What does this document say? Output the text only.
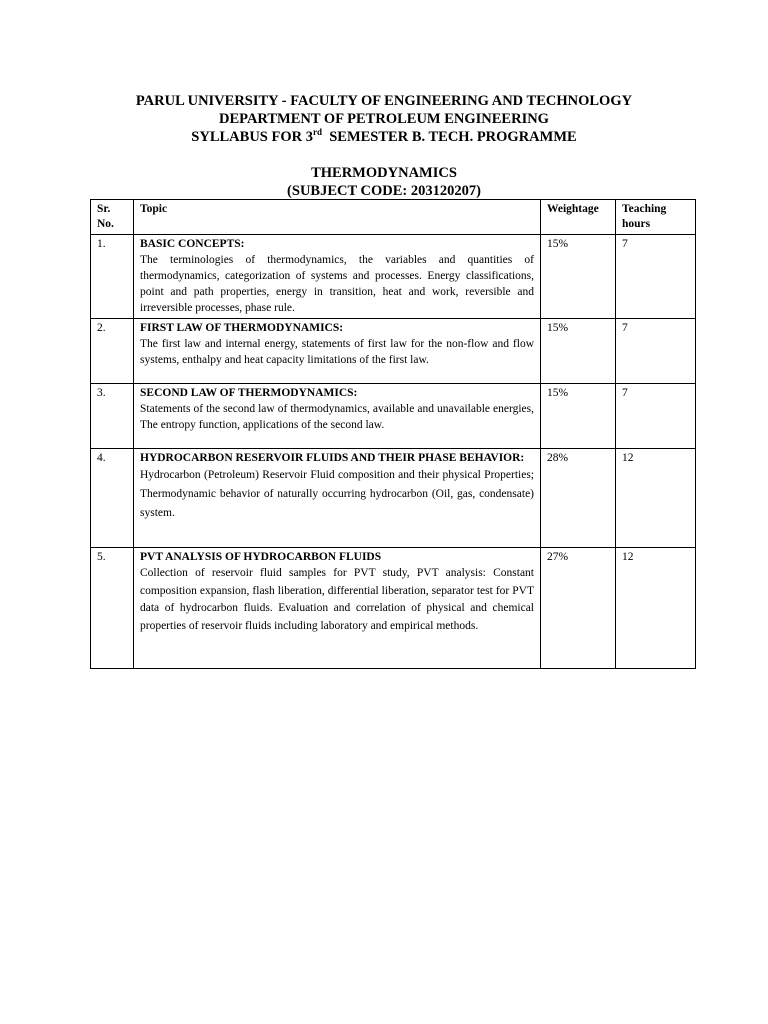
PARUL UNIVERSITY - FACULTY OF ENGINEERING AND TECHNOLOGY
DEPARTMENT OF PETROLEUM ENGINEERING
SYLLABUS FOR 3rd  SEMESTER B. TECH. PROGRAMME
THERMODYNAMICS
(SUBJECT CODE: 203120207)
Sr. No.	Topic	Weightage	Teaching hours
1.	BASIC CONCEPTS:
The terminologies of thermodynamics, the variables and quantities of thermodynamics, categorization of systems and processes. Energy classifications, point and path properties, energy in transition, heat and work, reversible and irreversible processes, phase rule.	15%	7
2.	FIRST LAW OF THERMODYNAMICS:
The first law and internal energy, statements of first law for the non-flow and flow systems, enthalpy and heat capacity limitations of the first law.	15%	7
3.	SECOND LAW OF THERMODYNAMICS:
Statements of the second law of thermodynamics, available and unavailable energies, The entropy function, applications of the second law.	15%	7
4.	HYDROCARBON RESERVOIR FLUIDS AND THEIR PHASE BEHAVIOR:
Hydrocarbon (Petroleum) Reservoir Fluid composition and their physical Properties; Thermodynamic behavior of naturally occurring hydrocarbon (Oil, gas, condensate) system.	28%	12
5.	PVT ANALYSIS OF HYDROCARBON FLUIDS
Collection of reservoir fluid samples for PVT study, PVT analysis: Constant composition expansion, flash liberation, differential liberation, separator test for PVT data of hydrocarbon fluids. Evaluation and correlation of physical and chemical properties of reservoir fluids including laboratory and empirical methods.	27%	12
